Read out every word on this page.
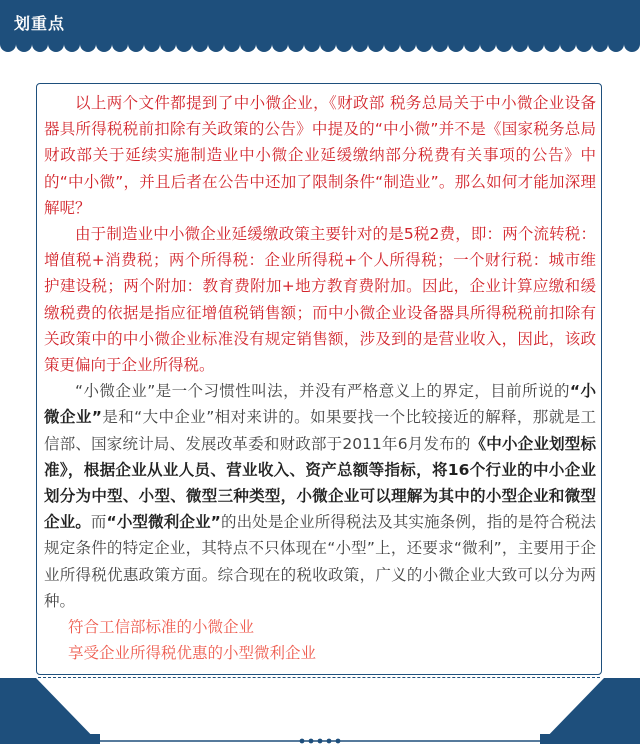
划重点

以上两个文件都提到了中小微企业，《财政部 税务总局关于中小微企业设备器具所得税税前扣除有关政策的公告》中提及的“中小微”并不是《国家税务总局 财政部关于延续实施制造业中小微企业延缓缴纳部分税费有关事项的公告》中的“中小微”，并且后者在公告中还加了限制条件“制造业”。那么如何才能加深理解呢？

由于制造业中小微企业延缓缴政策主要针对的是5税2费，即：两个流转税：增值税+消费税；两个所得税：企业所得税+个人所得税；一个财行税：城市维护建设税；两个附加：教育费附加+地方教育费附加。因此，企业计算应缴和缓缴税费的依据是指应征增值税销售额；而中小微企业设备器具所得税税前扣除有关政策中的中小微企业标准没有规定销售额，涉及到的是营业收入，因此，该政策更偏向于企业所得税。

“小微企业”是一个习惯性叫法，并没有严格意义上的界定，目前所说的“小微企业”是和“大中企业”相对来讲的。如果要找一个比较接近的解释，那就是工信部、国家统计局、发展改革委和财政部于2011年6月发布的《中小企业划型标准》，根据企业从业人员、营业收入、资产总额等指标，将16个行业的中小企业划分为中型、小型、微型三种类型，小微企业可以理解为其中的小型企业和微型企业。而“小型微利企业”的出处是企业所得税法及其实施条例，指的是符合税法规定条件的特定企业，其特点不只体现在“小型”上，还要求“微利”，主要用于企业所得税优惠政策方面。综合现在的税收政策，广义的小微企业大致可以分为两种。

符合工信部标准的小微企业

享受企业所得税优惠的小型微利企业
